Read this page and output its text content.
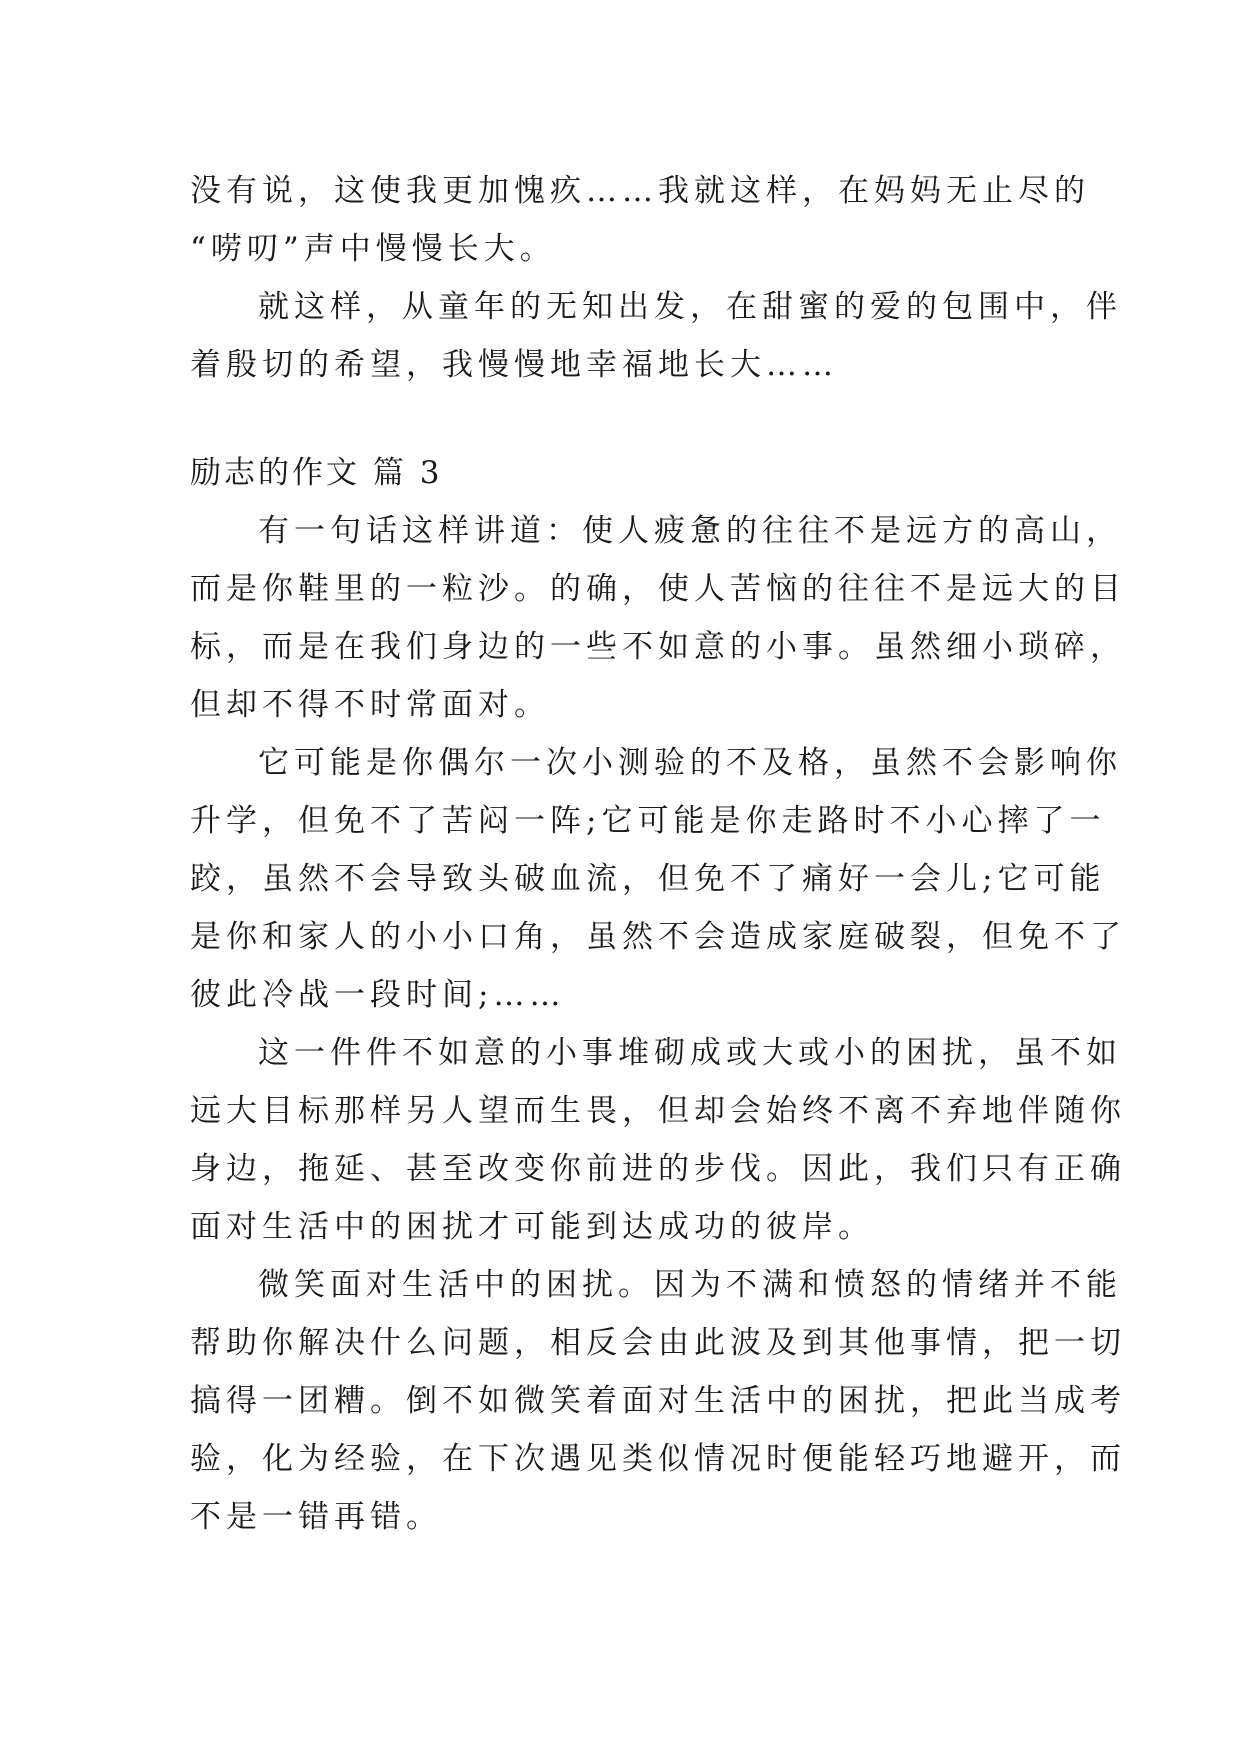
没有说，这使我更加愧疚……我就这样，在妈妈无止尽的
“唠叨”声中慢慢长大。
就这样，从童年的无知出发，在甜蜜的爱的包围中，伴
着殷切的希望，我慢慢地幸福地长大……
励志的作文 篇 3
有一句话这样讲道：使人疲惫的往往不是远方的高山，
而是你鞋里的一粒沙。的确，使人苦恼的往往不是远大的目
标，而是在我们身边的一些不如意的小事。虽然细小琐碎，
但却不得不时常面对。
它可能是你偶尔一次小测验的不及格，虽然不会影响你
升学，但免不了苦闷一阵;它可能是你走路时不小心摔了一
跤，虽然不会导致头破血流，但免不了痛好一会儿;它可能
是你和家人的小小口角，虽然不会造成家庭破裂，但免不了
彼此冷战一段时间;……
这一件件不如意的小事堆砌成或大或小的困扰，虽不如
远大目标那样另人望而生畏，但却会始终不离不弃地伴随你
身边，拖延、甚至改变你前进的步伐。因此，我们只有正确
面对生活中的困扰才可能到达成功的彼岸。
微笑面对生活中的困扰。因为不满和愤怒的情绪并不能
帮助你解决什么问题，相反会由此波及到其他事情，把一切
搞得一团糟。倒不如微笑着面对生活中的困扰，把此当成考
验，化为经验，在下次遇见类似情况时便能轻巧地避开，而
不是一错再错。
